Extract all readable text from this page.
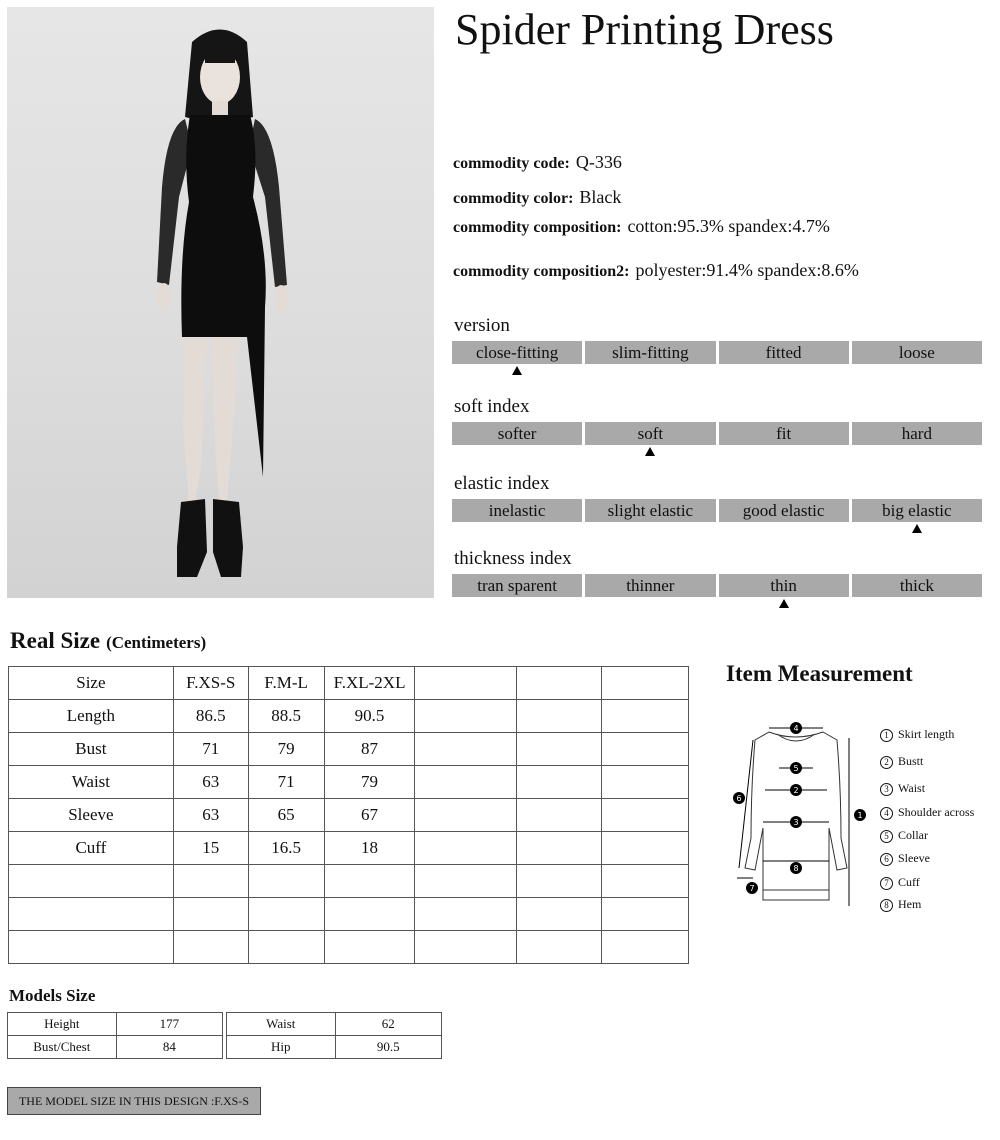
Spider Printing Dress
commodity code: Q-336
commodity color: Black
commodity composition: cotton:95.3% spandex:4.7%
commodity composition2: polyester:91.4% spandex:8.6%
version
close-fitting	slim-fitting	fitted	loose
soft index
softer	soft	fit	hard
elastic index
inelastic	slight elastic	good elastic	big elastic
thickness index
tran sparent	thinner	thin	thick
Real Size (Centimeters)
Size	F.XS-S	F.M-L	F.XL-2XL			
Length	86.5	88.5	90.5			
Bust	71	79	87			
Waist	63	71	79			
Sleeve	63	65	67			
Cuff	15	16.5	18			

Item Measurement
4
5
2
3
8
6
7
1
1 Skirt length
2 Bustt
3 Waist
4 Shoulder across
5 Collar
6 Sleeve
7 Cuff
8 Hem
Models Size
Height	177
Bust/Chest	84
Waist	62
Hip	90.5
THE MODEL SIZE IN THIS DESIGN :F.XS-S
